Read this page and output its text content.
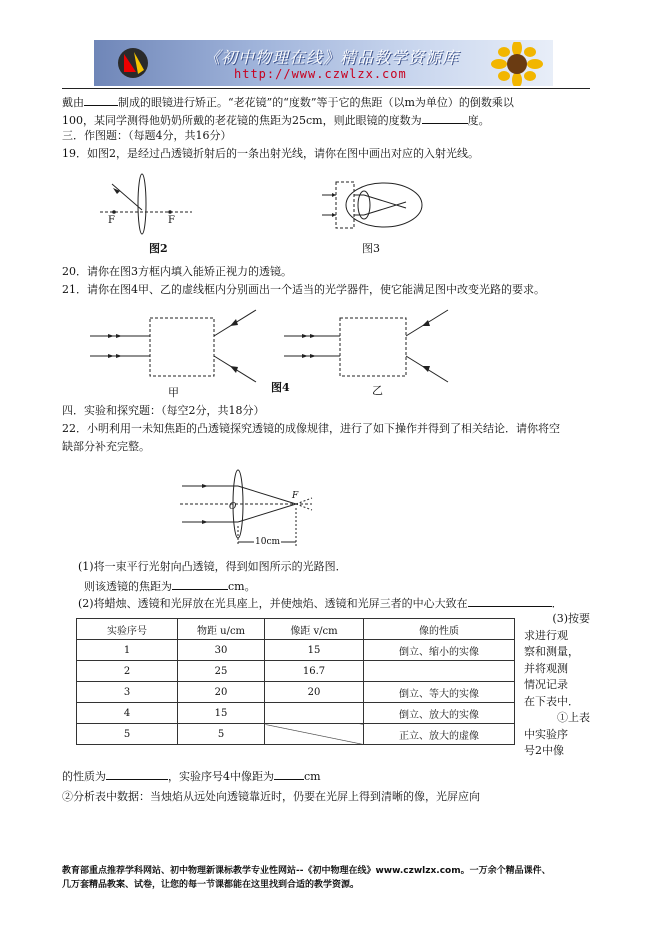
《初中物理在线》精品教学资源库
http://www.czwlzx.com
戴由	制成的眼镜进行矫正。“老花镜”的“度数”等于它的焦距（以m为单位）的倒数乘以
100，某同学测得他奶奶所戴的老花镜的焦距为25cm，则此眼镜的度数为	度。
三．作图题：（每题4分，共16分）
19．如图2，是经过凸透镜折射后的一条出射光线，请你在图中画出对应的入射光线。
F	F
图2	图3
20．请你在图3方框内填入能矫正视力的透镜。
21．请你在图4甲、乙的虚线框内分别画出一个适当的光学器件，使它能满足图中改变光路的要求。
甲	图4	乙
四．实验和探究题：（每空2分，共18分）
22．小明利用一未知焦距的凸透镜探究透镜的成像规律，进行了如下操作并得到了相关结论．请你将空
缺部分补充完整。
O
F
10cm
(1)将一束平行光射向凸透镜，得到如图所示的光路图．
则该透镜的焦距为	cm。
(2)将蜡烛、透镜和光屏放在光具座上，并使烛焰、透镜和光屏三者的中心大致在	．
实验序号	物距 u/cm	像距 v/cm	像的性质
1	30	15	倒立、缩小的实像
2	25	16.7	
3	20	20	倒立、等大的实像
4	15		倒立、放大的实像
5	5		正立、放大的虚像
(3)按要
求进行观
察和测量，
并将观测
情况记录
在下表中．
①上表
中实验序
号2中像
的性质为	，实验序号4中像距为	cm
②分析表中数据：当烛焰从远处向透镜靠近时，仍要在光屏上得到清晰的像，光屏应向
教育部重点推荐学科网站、初中物理新课标教学专业性网站--《初中物理在线》www.czwlzx.com。一万余个精品课件、
几万套精品教案、试卷，让您的每一节课都能在这里找到合适的教学资源。
